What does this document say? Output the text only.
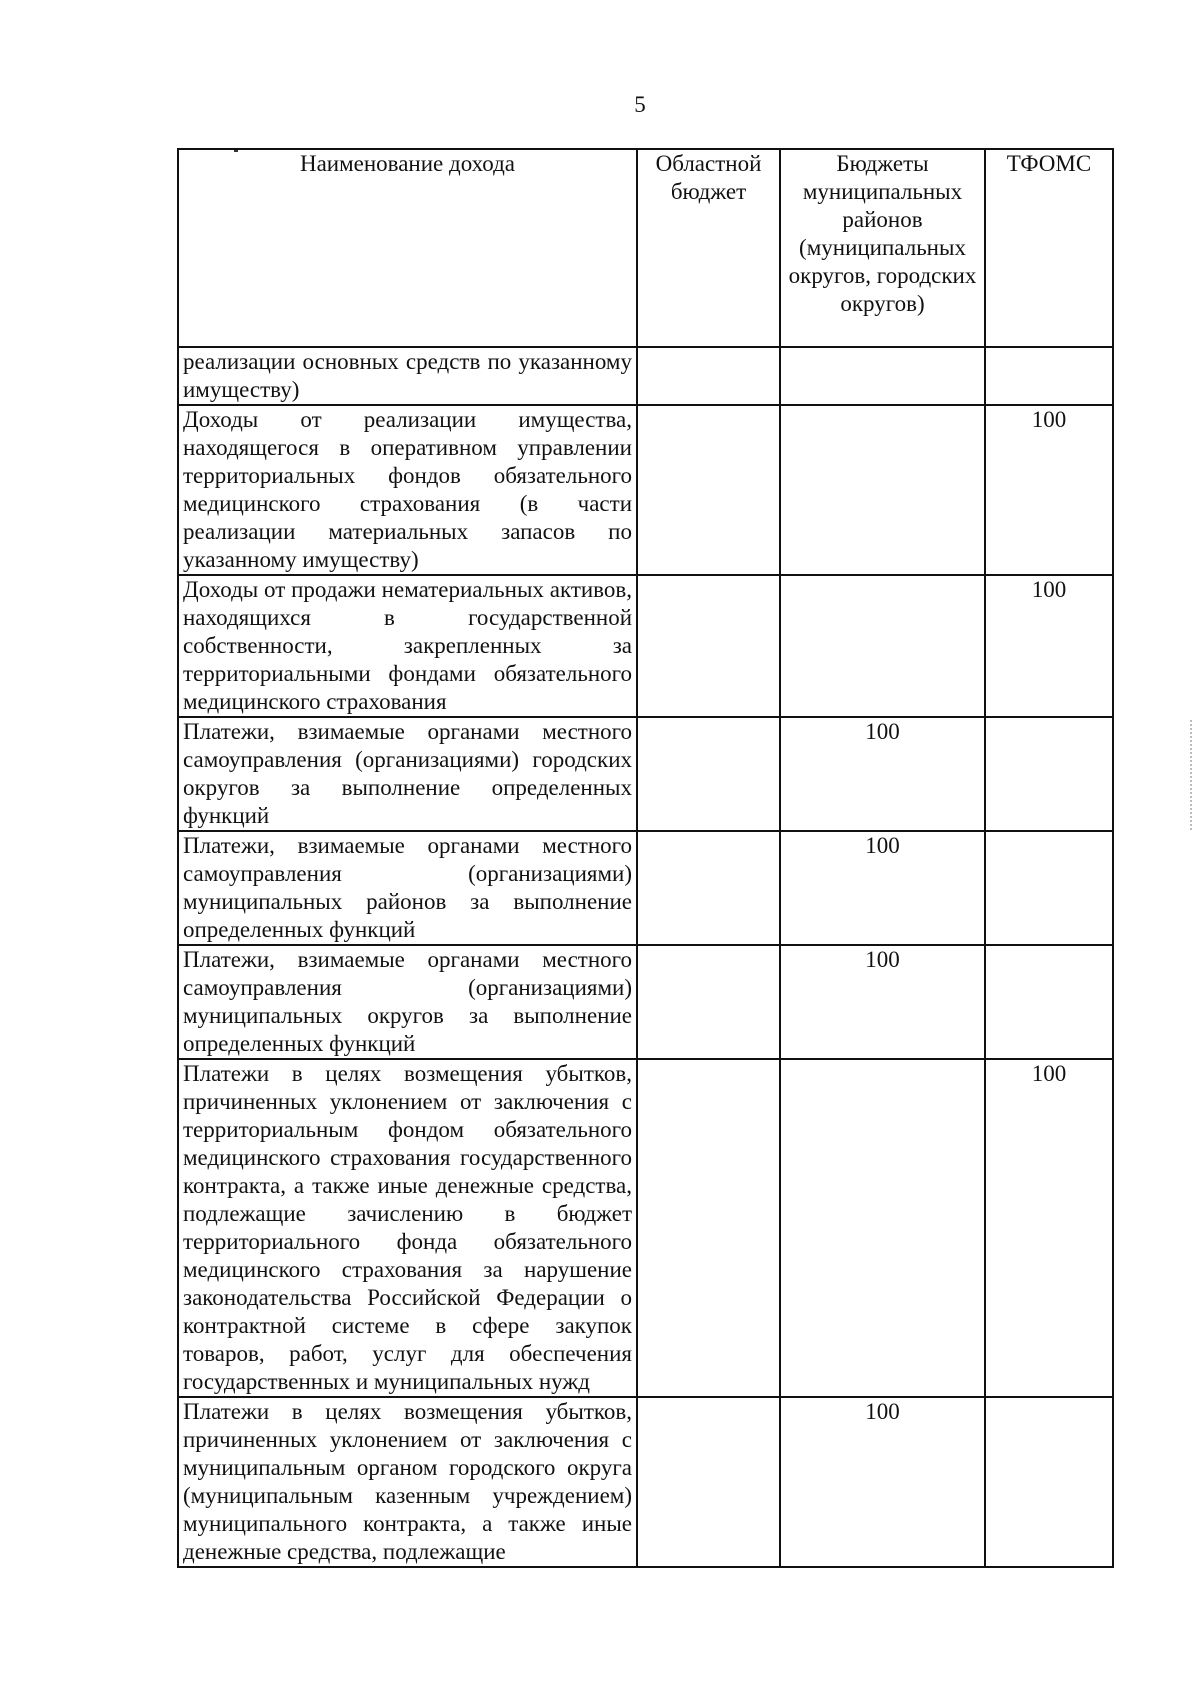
5
Наименование дохода	Областной бюджет	Бюджеты муниципальных районов (муниципальных округов, городских округов)	ТФОМС
реализации основных средств по указанному имуществу)			
Доходы от реализации имущества, находящегося в оперативном управлении территориальных фондов обязательного медицинского страхования (в части реализации материальных запасов по указанному имуществу)			100
Доходы от продажи нематериальных активов, находящихся в государственной собственности, закрепленных за территориальными фондами обязательного медицинского страхования			100
Платежи, взимаемые органами местного самоуправления (организациями) городских округов за выполнение определенных функций		100	
Платежи, взимаемые органами местного самоуправления (организациями) муниципальных районов за выполнение определенных функций		100	
Платежи, взимаемые органами местного самоуправления (организациями) муниципальных округов за выполнение определенных функций		100	
Платежи в целях возмещения убытков, причиненных уклонением от заключения с территориальным фондом обязательного медицинского страхования государственного контракта, а также иные денежные средства, подлежащие зачислению в бюджет территориального фонда обязательного медицинского страхования за нарушение законодательства Российской Федерации о контрактной системе в сфере закупок товаров, работ, услуг для обеспечения государственных и муниципальных нужд			100
Платежи в целях возмещения убытков, причиненных уклонением от заключения с муниципальным органом городского округа (муниципальным казенным учреждением) муниципального контракта, а также иные денежные средства, подлежащие		100	
